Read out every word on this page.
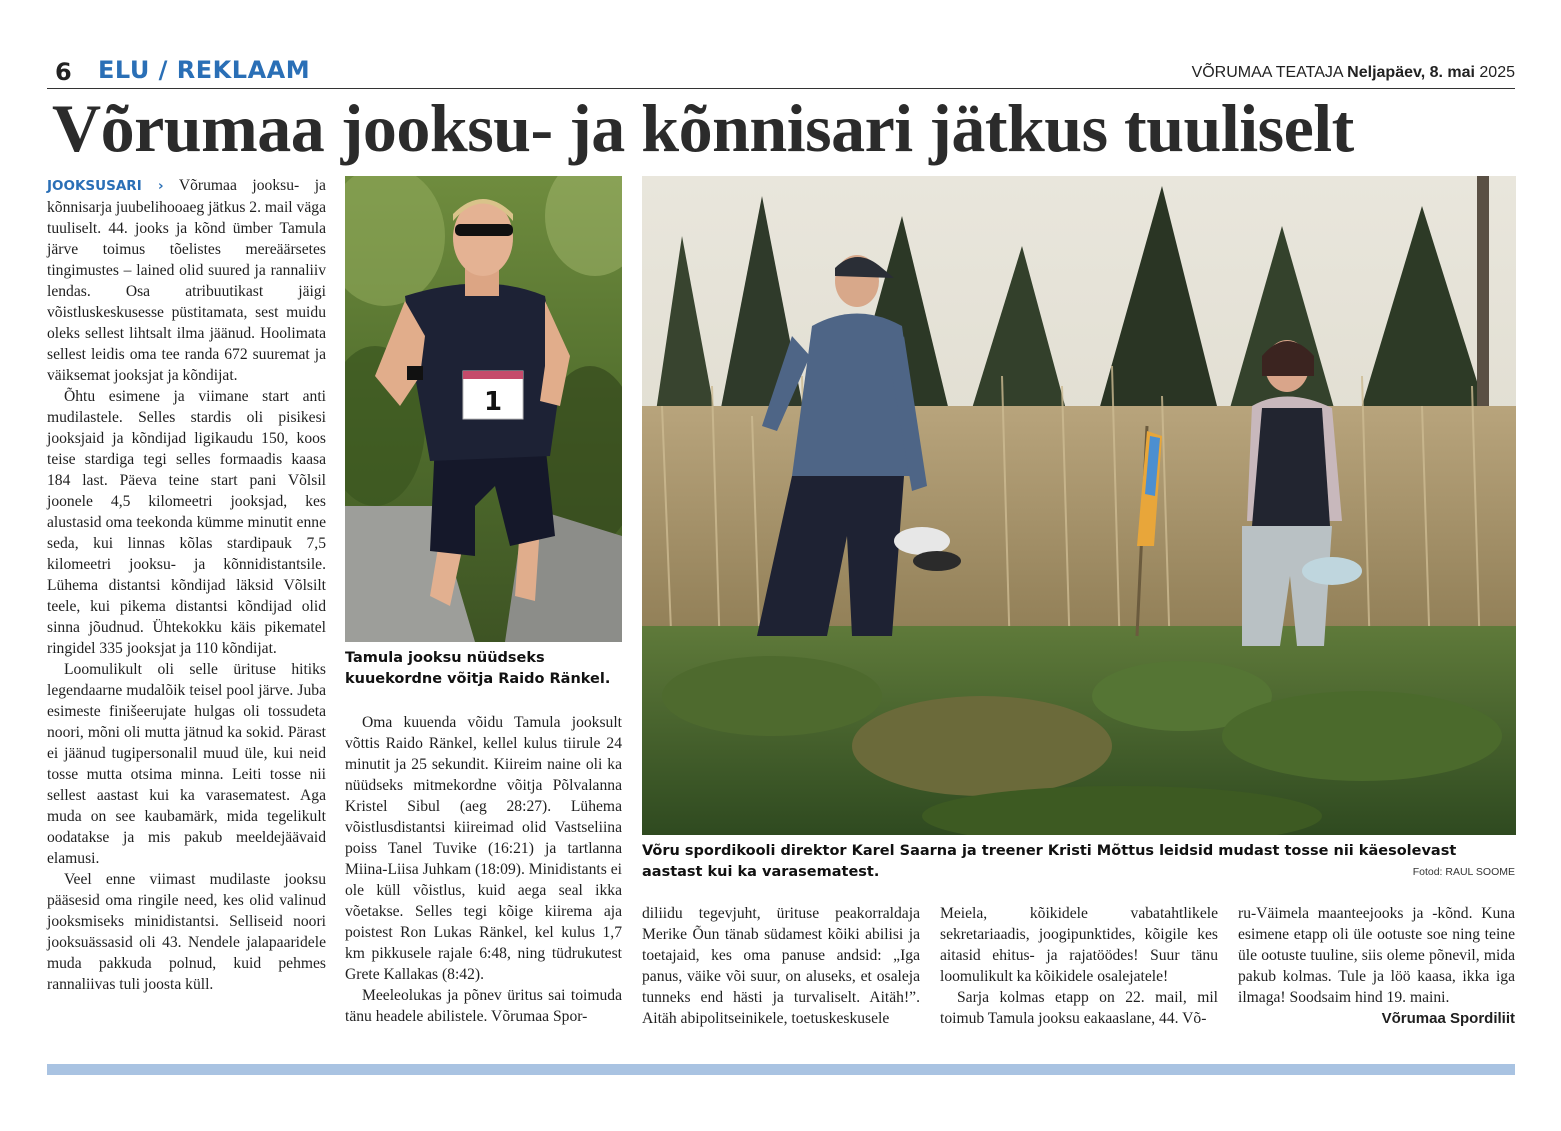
6 ELU / REKLAAM	VÕRUMAA TEATAJA Neljapäev, 8. mai 2025
Võrumaa jooksu- ja kõnnisari jätkus tuuliselt

JOOKSUSARI › Võrumaa jooksu- ja kõnnisarja juubelihooaeg jätkus 2. mail väga tuuliselt. 44. jooks ja kõnd ümber Tamula järve toimus tõelistes mereäärsetes tingimustes – lained olid suured ja rannaliiv lendas. Osa atribuutikast jäigi võistluskeskusesse püstitamata, sest muidu oleks sellest lihtsalt ilma jäänud. Hoolimata sellest leidis oma tee randa 672 suuremat ja väiksemat jooksjat ja kõndijat.

Õhtu esimene ja viimane start anti mudilastele. Selles stardis oli pisikesi jooksjaid ja kõndijad ligikaudu 150, koos teise stardiga tegi selles formaadis kaasa 184 last. Päeva teine start pani Võlsil joonele 4,5 kilomeetri jooksjad, kes alustasid oma teekonda kümme minutit enne seda, kui linnas kõlas stardipauk 7,5 kilomeetri jooksu- ja kõnnidistantsile. Lühema distantsi kõndijad läksid Võlsilt teele, kui pikema distantsi kõndijad olid sinna jõudnud. Ühtekokku käis pikematel ringidel 335 jooksjat ja 110 kõndijat.

Loomulikult oli selle ürituse hitiks legendaarne mudalõik teisel pool järve. Juba esimeste finišeerujate hulgas oli tossudeta noori, mõni oli mutta jätnud ka sokid. Pärast ei jäänud tugipersonalil muud üle, kui neid tosse mutta otsima minna. Leiti tosse nii sellest aastast kui ka varasematest. Aga muda on see kaubamärk, mida tegelikult oodatakse ja mis pakub meeldejäävaid elamusi.

Veel enne viimast mudilaste jooksu pääsesid oma ringile need, kes olid valinud jooksmiseks minidistantsi. Selliseid noori jooksuässasid oli 43. Nendele jalapaaridele muda pakkuda polnud, kuid pehmes rannaliivas tuli joosta küll.

1
Tamula jooksu nüüdseks kuuekordne võitja Raido Ränkel.

Oma kuuenda võidu Tamula jooksult võttis Raido Ränkel, kellel kulus tiirule 24 minutit ja 25 sekundit. Kiireim naine oli ka nüüdseks mitmekordne võitja Põlvalanna Kristel Sibul (aeg 28:27). Lühema võistlusdistantsi kiireimad olid Vastseliina poiss Tanel Tuvike (16:21) ja tartlanna Miina-Liisa Juhkam (18:09). Minidistants ei ole küll võistlus, kuid aega seal ikka võetakse. Selles tegi kõige kiirema aja poistest Ron Lukas Ränkel, kel kulus 1,7 km pikkusele rajale 6:48, ning tüdrukutest Grete Kallakas (8:42).

Meeleolukas ja põnev üritus sai toimuda tänu headele abilistele. Võrumaa Spor-

Võru spordikooli direktor Karel Saarna ja treener Kristi Mõttus leidsid mudast tosse nii käesolevast aastast kui ka varasematest.	Fotod: RAUL SOOME

diliidu tegevjuht, ürituse peakorraldaja Merike Õun tänab südamest kõiki abilisi ja toetajaid, kes oma panuse andsid: „Iga panus, väike või suur, on aluseks, et osaleja tunneks end hästi ja turvaliselt. Aitäh!”. Aitäh abipolitseinikele, toetuskeskusele

Meiela, kõikidele vabatahtlikele sekretariaadis, joogipunktides, kõigile kes aitasid ehitus- ja rajatöödes! Suur tänu loomulikult ka kõikidele osalejatele!

Sarja kolmas etapp on 22. mail, mil toimub Tamula jooksu eakaaslane, 44. Võ-

ru-Väimela maanteejooks ja -kõnd. Kuna esimene etapp oli üle ootuste soe ning teine üle ootuste tuuline, siis oleme põnevil, mida pakub kolmas. Tule ja löö kaasa, ikka iga ilmaga! Soodsaim hind 19. maini.

Võrumaa Spordiliit
